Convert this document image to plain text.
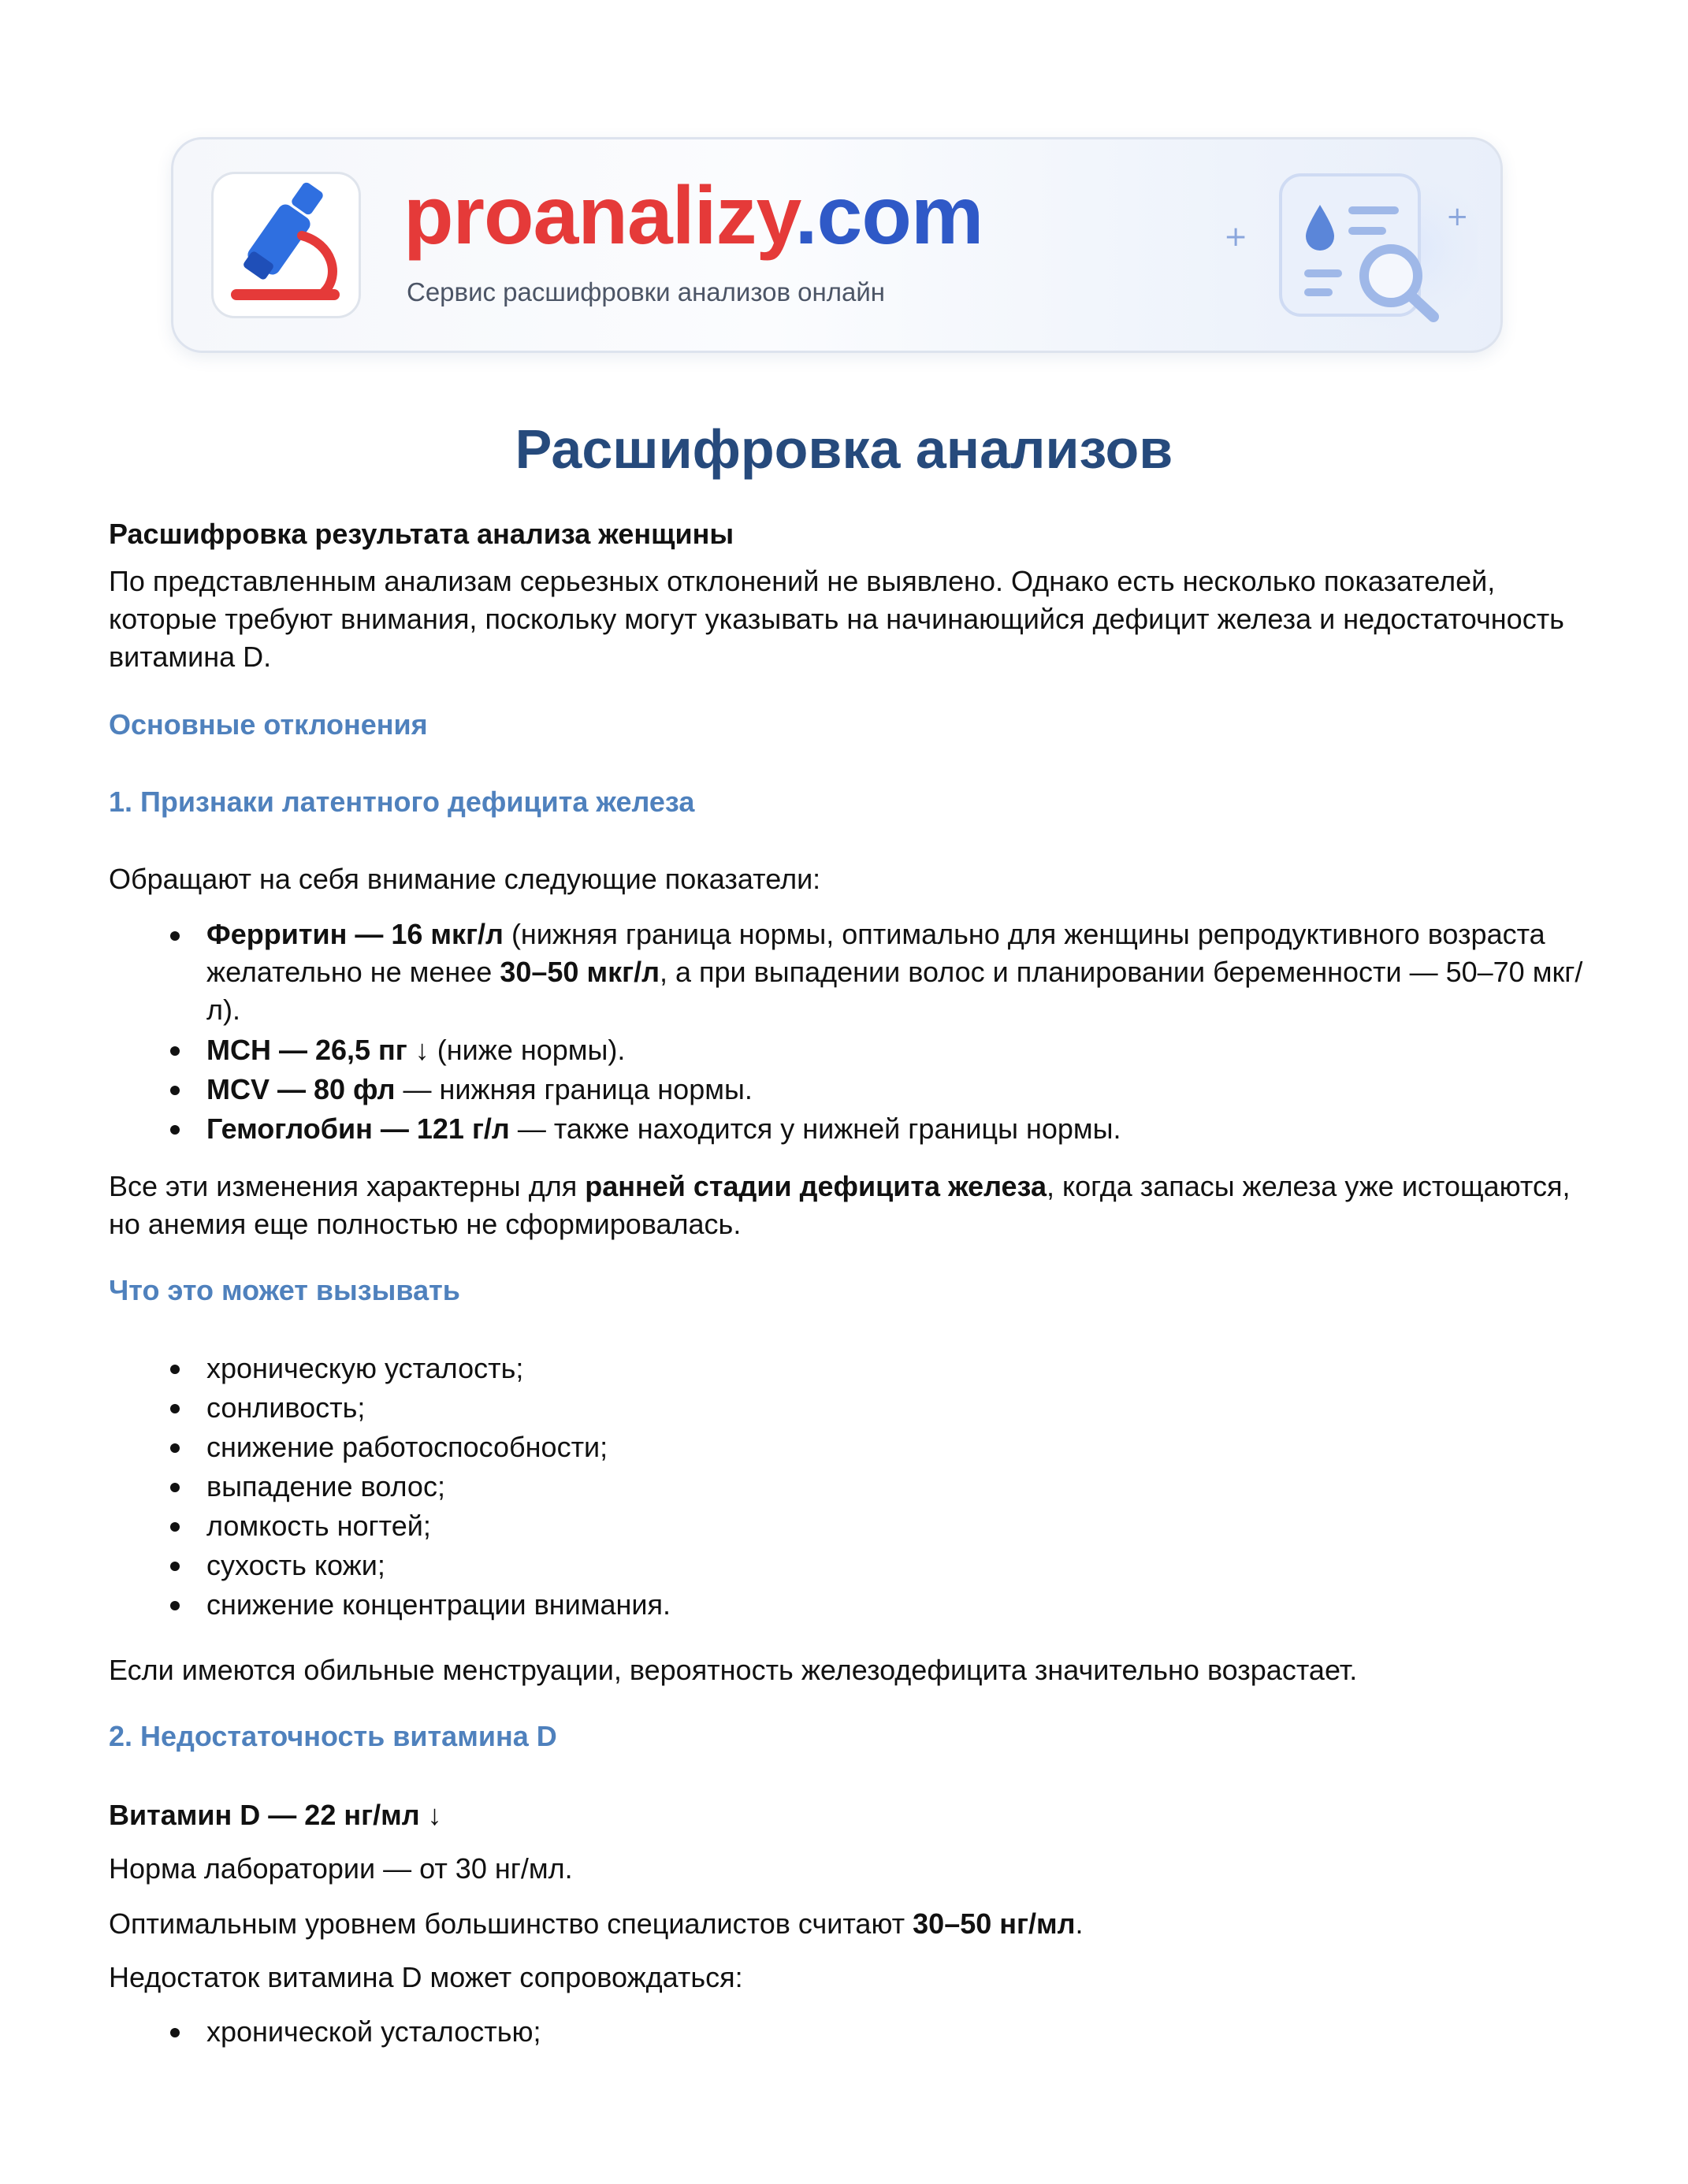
proanalizy.com
Сервис расшифровки анализов онлайн
+
+
Расшифровка анализов

Расшифровка результата анализа женщины

По представленным анализам серьезных отклонений не выявлено. Однако есть несколько показателей, которые требуют внимания, поскольку могут указывать на начинающийся дефицит железа и недостаточность витамина D.

Основные отклонения

1. Признаки латентного дефицита железа

Обращают на себя внимание следующие показатели:

Ферритин — 16 мкг/л (нижняя граница нормы, оптимально для женщины репродуктивного возраста желательно не менее 30–50 мкг/л, а при выпадении волос и планировании беременности — 50–70 мкг/л).
MCH — 26,5 пг ↓ (ниже нормы).
MCV — 80 фл — нижняя граница нормы.
Гемоглобин — 121 г/л — также находится у нижней границы нормы.

Все эти изменения характерны для ранней стадии дефицита железа, когда запасы железа уже истощаются, но анемия еще полностью не сформировалась.

Что это может вызывать

хроническую усталость;
сонливость;
снижение работоспособности;
выпадение волос;
ломкость ногтей;
сухость кожи;
снижение концентрации внимания.

Если имеются обильные менструации, вероятность железодефицита значительно возрастает.

2. Недостаточность витамина D

Витамин D — 22 нг/мл ↓

Норма лаборатории — от 30 нг/мл.

Оптимальным уровнем большинство специалистов считают 30–50 нг/мл.

Недостаток витамина D может сопровождаться:

хронической усталостью;
